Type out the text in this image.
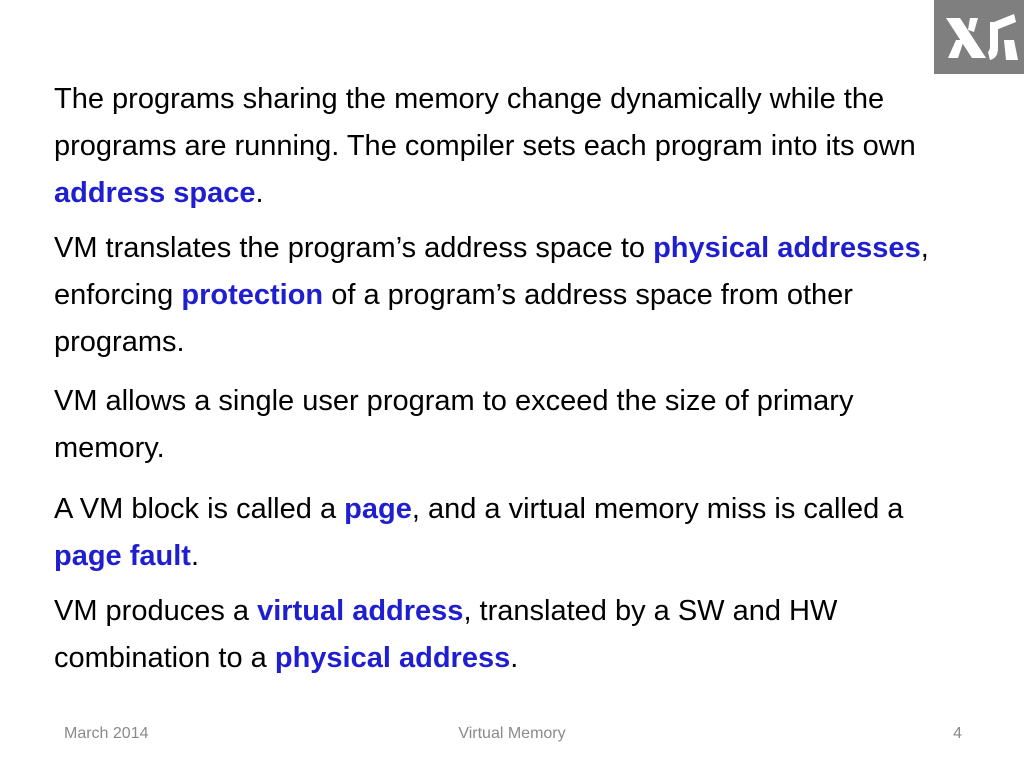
The programs sharing the memory change dynamically while the programs are running. The compiler sets each program into its own address space.

VM translates the program’s address space to physical addresses, enforcing protection of a program’s address space from other programs.

VM allows a single user program to exceed the size of primary memory.

A VM block is called a page, and a virtual memory miss is called a page fault.

VM produces a virtual address, translated by a SW and HW combination to a physical address.

March 2014	Virtual Memory	4
